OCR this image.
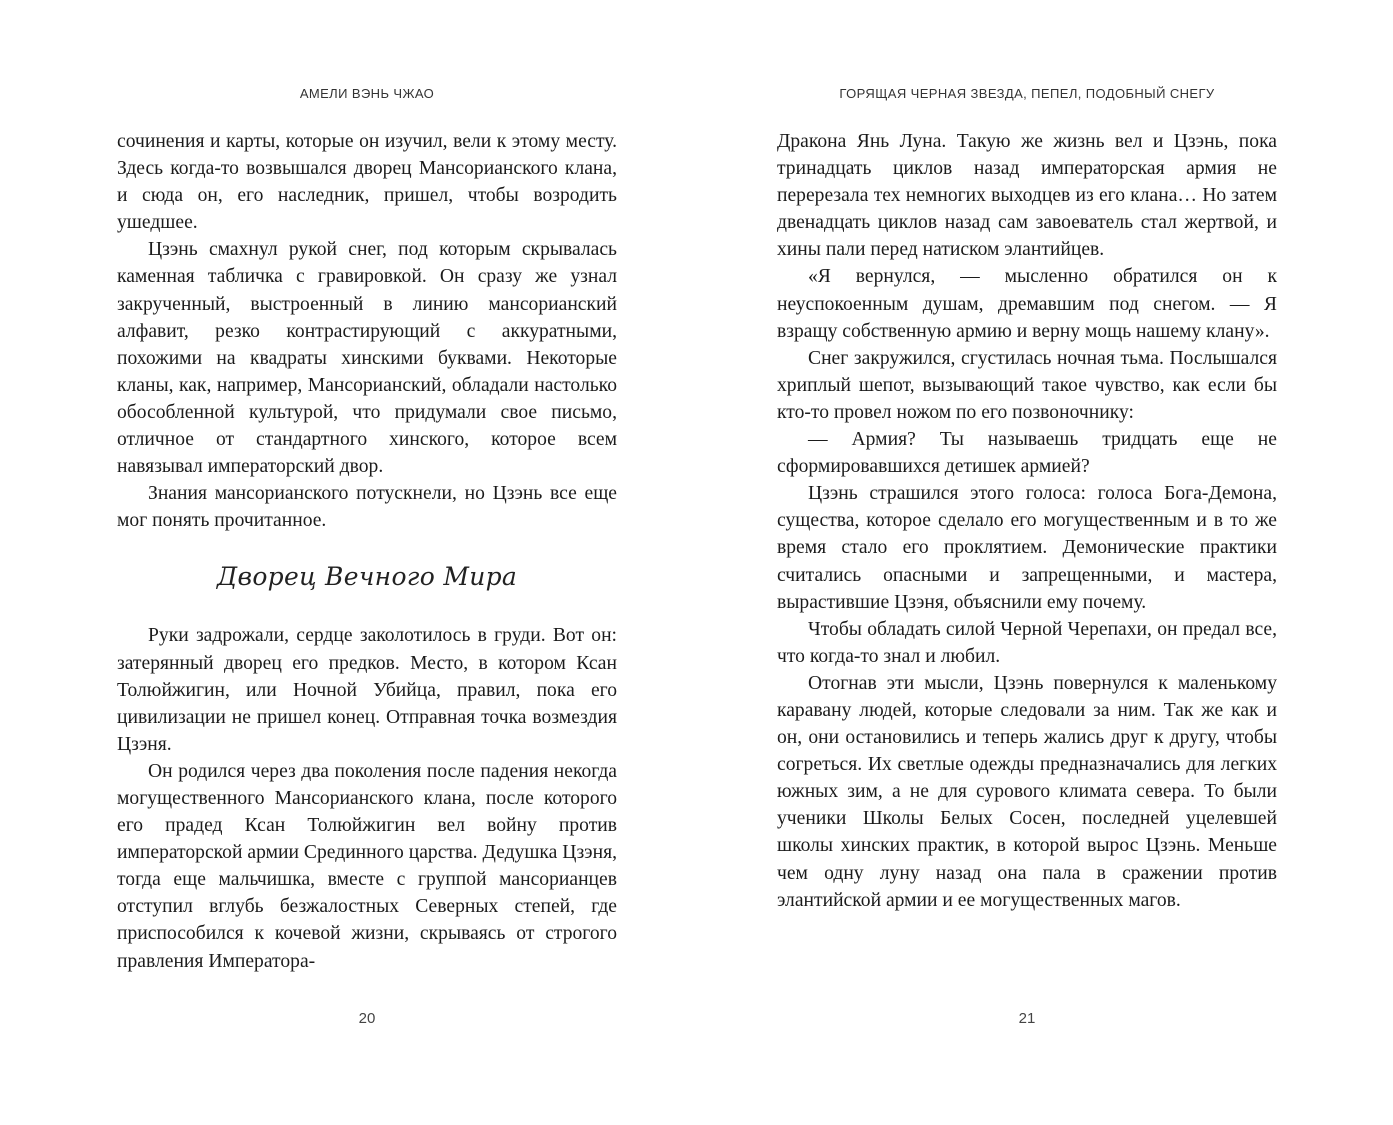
АМЕЛИ ВЭНЬ ЧЖАО

сочинения и карты, которые он изучил, вели к этому месту. Здесь когда-то возвышался дворец Мансорианского клана, и сюда он, его наследник, пришел, чтобы возродить ушедшее.

Цзэнь смахнул рукой снег, под которым скрывалась каменная табличка с гравировкой. Он сразу же узнал закрученный, выстроенный в линию мансорианский алфавит, резко контрастирующий с аккуратными, похожими на квадраты хинскими буквами. Некоторые кланы, как, например, Мансорианский, обладали настолько обособленной культурой, что придумали свое письмо, отличное от стандартного хинского, которое всем навязывал императорский двор.

Знания мансорианского потускнели, но Цзэнь все еще мог понять прочитанное.

Дворец Вечного Мира

Руки задрожали, сердце заколотилось в груди. Вот он: затерянный дворец его предков. Место, в котором Ксан Толюйжигин, или Ночной Убийца, правил, пока его цивилизации не пришел конец. Отправная точка возмездия Цзэня.

Он родился через два поколения после падения некогда могущественного Мансорианского клана, после которого его прадед Ксан Толюйжигин вел войну против императорской армии Срединного царства. Дедушка Цзэня, тогда еще мальчишка, вместе с группой мансорианцев отступил вглубь безжалостных Северных степей, где приспособился к кочевой жизни, скрываясь от строгого правления Императора-

20
ГОРЯЩАЯ ЧЕРНАЯ ЗВЕЗДА, ПЕПЕЛ, ПОДОБНЫЙ СНЕГУ

Дракона Янь Луна. Такую же жизнь вел и Цзэнь, пока тринадцать циклов назад императорская армия не перерезала тех немногих выходцев из его клана… Но затем двенадцать циклов назад сам завоеватель стал жертвой, и хины пали перед натиском элантийцев.

«Я вернулся, — мысленно обратился он к неуспокоенным душам, дремавшим под снегом. — Я взращу собственную армию и верну мощь нашему клану».

Снег закружился, сгустилась ночная тьма. Послышался хриплый шепот, вызывающий такое чувство, как если бы кто-то провел ножом по его позвоночнику:

— Армия? Ты называешь тридцать еще не сформировавшихся детишек армией?

Цзэнь страшился этого голоса: голоса Бога-Демона, существа, которое сделало его могущественным и в то же время стало его проклятием. Демонические практики считались опасными и запрещенными, и мастера, вырастившие Цзэня, объяснили ему почему.

Чтобы обладать силой Черной Черепахи, он предал все, что когда-то знал и любил.

Отогнав эти мысли, Цзэнь повернулся к маленькому каравану людей, которые следовали за ним. Так же как и он, они остановились и теперь жались друг к другу, чтобы согреться. Их светлые одежды предназначались для легких южных зим, а не для сурового климата севера. То были ученики Школы Белых Сосен, последней уцелевшей школы хинских практик, в которой вырос Цзэнь. Меньше чем одну луну назад она пала в сражении против элантийской армии и ее могущественных магов.

21
